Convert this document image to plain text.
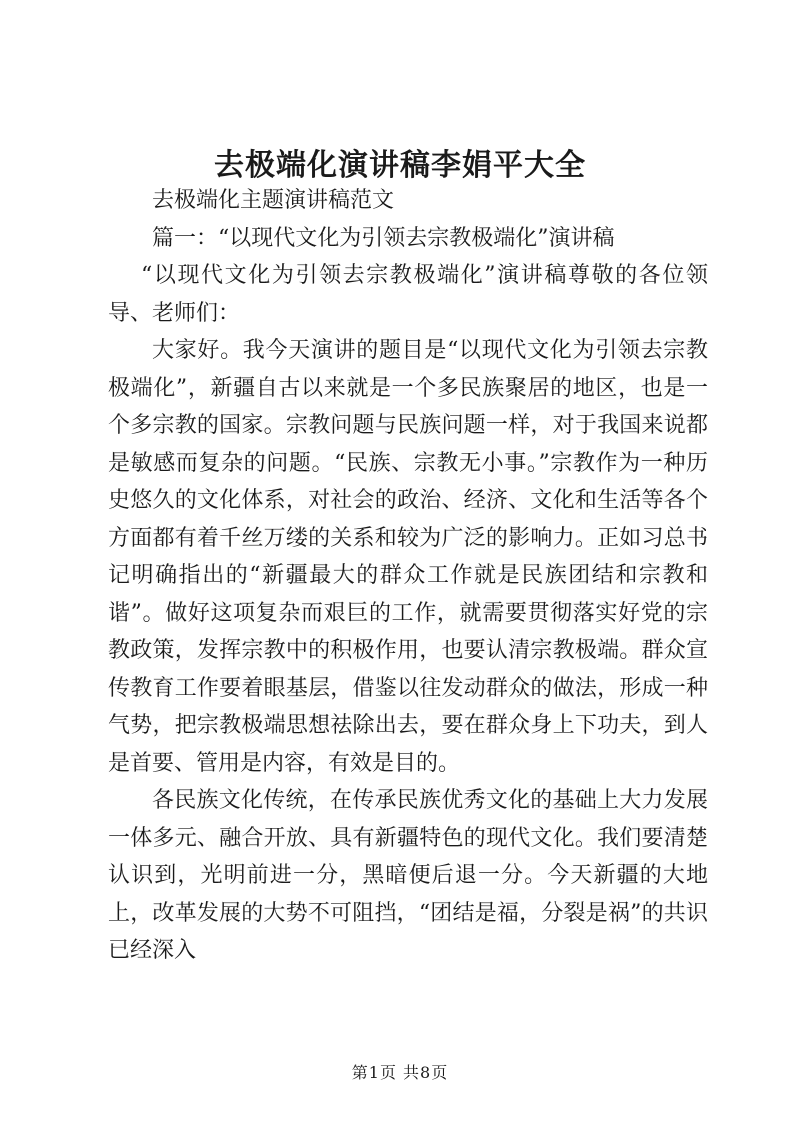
去极端化演讲稿李娟平大全

去极端化主题演讲稿范文

篇一：“以现代文化为引领去宗教极端化”演讲稿

“以现代文化为引领去宗教极端化”演讲稿尊敬的各位领导、老师们：

大家好。我今天演讲的题目是“以现代文化为引领去宗教极端化”，新疆自古以来就是一个多民族聚居的地区，也是一个多宗教的国家。宗教问题与民族问题一样，对于我国来说都是敏感而复杂的问题。“民族、宗教无小事。”宗教作为一种历史悠久的文化体系，对社会的政治、经济、文化和生活等各个方面都有着千丝万缕的关系和较为广泛的影响力。正如习总书记明确指出的“新疆最大的群众工作就是民族团结和宗教和谐”。做好这项复杂而艰巨的工作，就需要贯彻落实好党的宗教政策，发挥宗教中的积极作用，也要认清宗教极端。群众宣传教育工作要着眼基层，借鉴以往发动群众的做法，形成一种气势，把宗教极端思想祛除出去，要在群众身上下功夫，到人是首要、管用是内容，有效是目的。

各民族文化传统，在传承民族优秀文化的基础上大力发展一体多元、融合开放、具有新疆特色的现代文化。我们要清楚认识到，光明前进一分，黑暗便后退一分。今天新疆的大地上，改革发展的大势不可阻挡，“团结是福，分裂是祸”的共识已经深入

第1页 共8页
